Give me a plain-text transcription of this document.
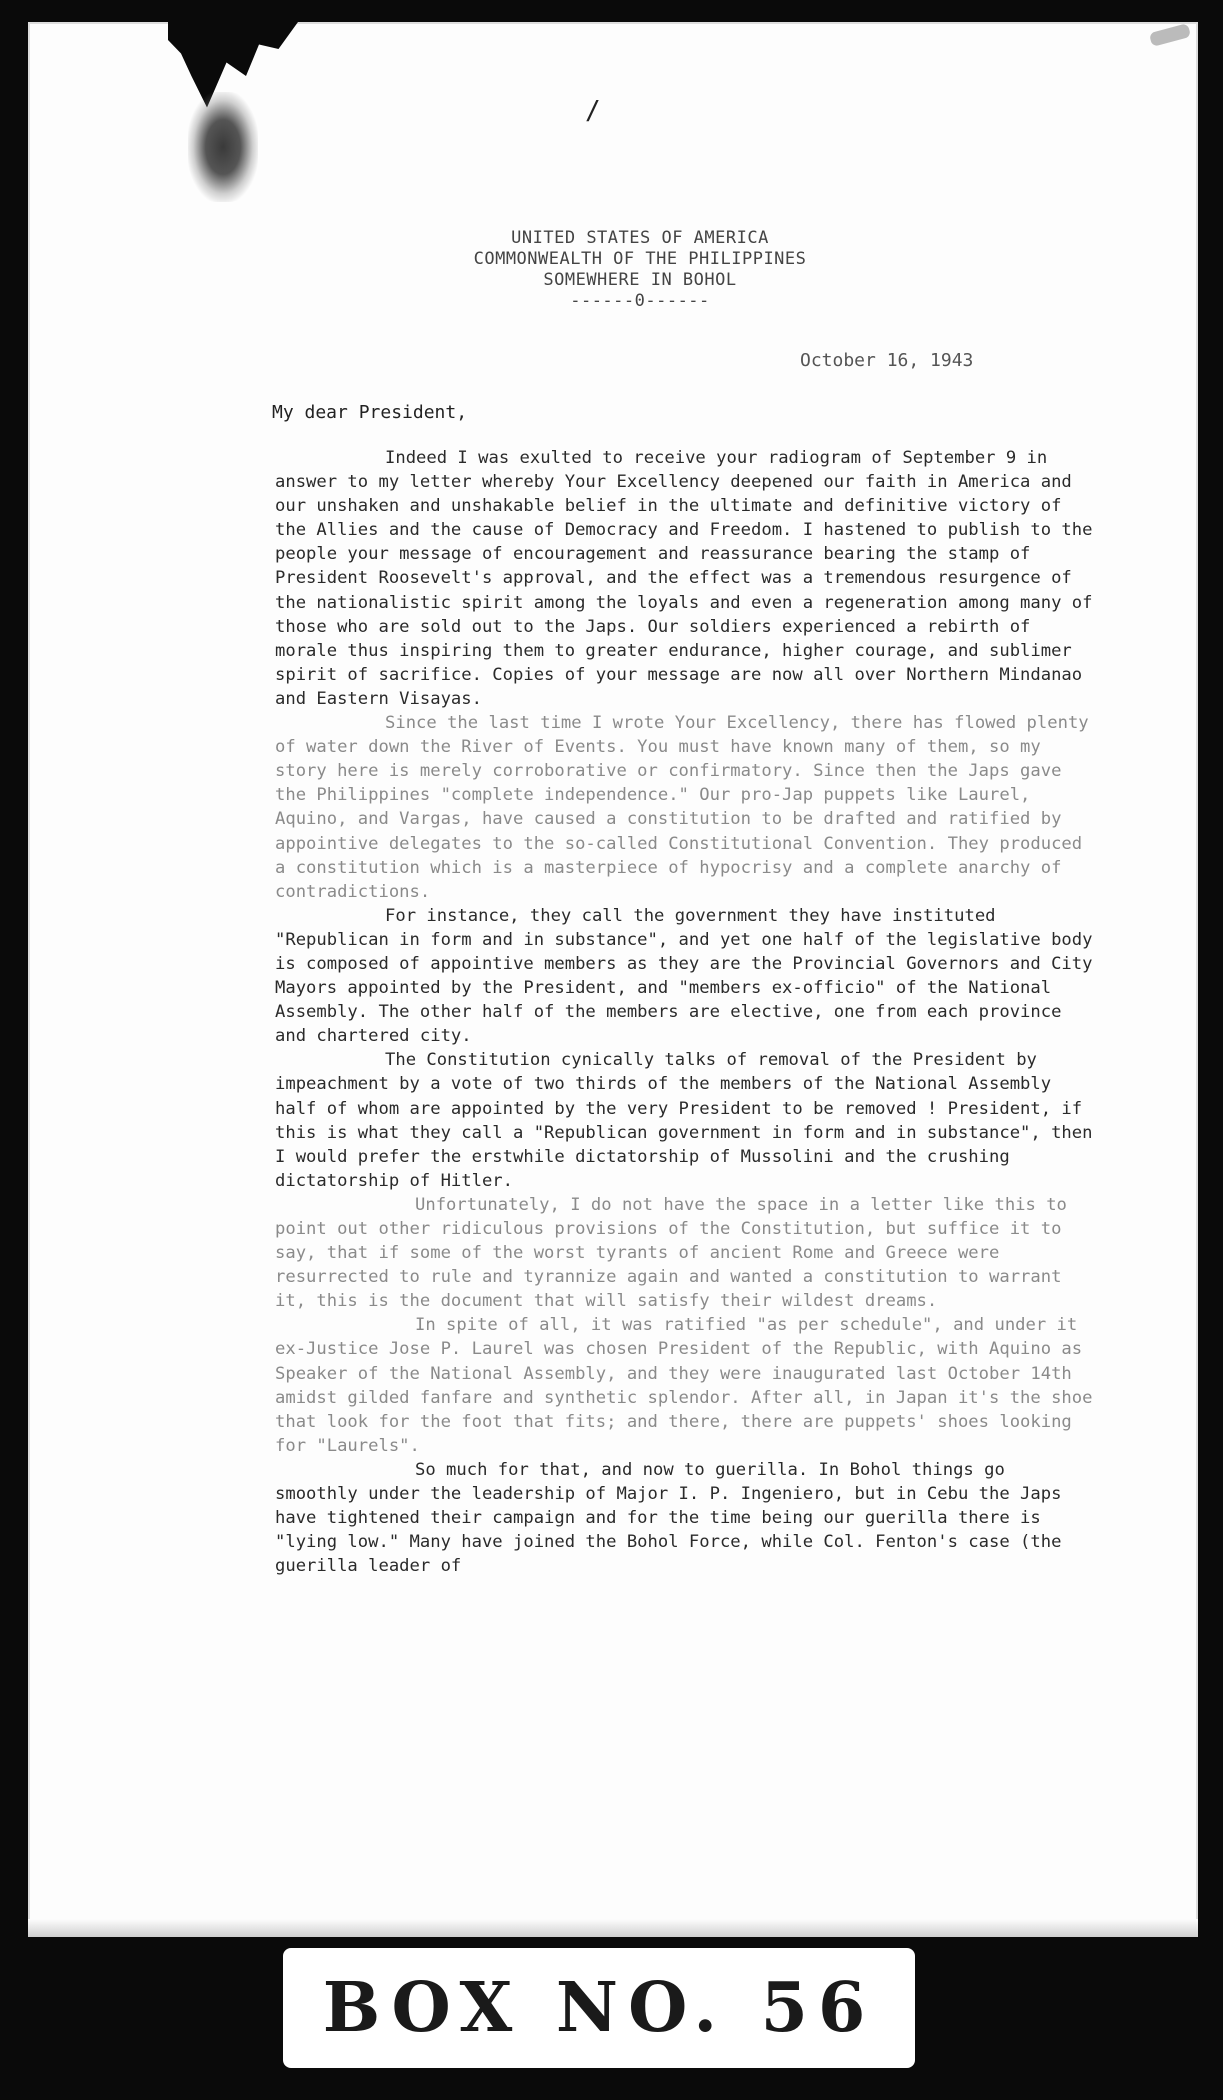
/
UNITED STATES OF AMERICA
COMMONWEALTH OF THE PHILIPPINES
SOMEWHERE IN BOHOL
------0------
October 16, 1943
My dear President,

Indeed I was exulted to receive your radiogram of September 9 in answer to my letter whereby Your Excellency deepened our faith in America and our unshaken and unshakable belief in the ultimate and definitive victory of the Allies and the cause of Democracy and Freedom. I hastened to publish to the people your message of encouragement and reassurance bearing the stamp of President Roosevelt's approval, and the effect was a tremendous resurgence of the nationalistic spirit among the loyals and even a regeneration among many of those who are sold out to the Japs. Our soldiers experienced a rebirth of morale thus inspiring them to greater endurance, higher courage, and sublimer spirit of sacrifice. Copies of your message are now all over Northern Mindanao and Eastern Visayas.

Since the last time I wrote Your Excellency, there has flowed plenty of water down the River of Events. You must have known many of them, so my story here is merely corroborative or confirmatory. Since then the Japs gave the Philippines "complete independence." Our pro-Jap puppets like Laurel, Aquino, and Vargas, have caused a constitution to be drafted and ratified by appointive delegates to the so-called Constitutional Convention. They produced a constitution which is a masterpiece of hypocrisy and a complete anarchy of contradictions.

For instance, they call the government they have instituted "Republican in form and in substance", and yet one half of the legislative body is composed of appointive members as they are the Provincial Governors and City Mayors appointed by the President, and "members ex-officio" of the National Assembly. The other half of the members are elective, one from each province and chartered city.

The Constitution cynically talks of removal of the President by impeachment by a vote of two thirds of the members of the National Assembly half of whom are appointed by the very President to be removed ! President, if this is what they call a "Republican government in form and in substance", then I would prefer the erstwhile dictatorship of Mussolini and the crushing dictatorship of Hitler.

Unfortunately, I do not have the space in a letter like this to point out other ridiculous provisions of the Constitution, but suffice it to say, that if some of the worst tyrants of ancient Rome and Greece were resurrected to rule and tyrannize again and wanted a constitution to warrant it, this is the document that will satisfy their wildest dreams.

In spite of all, it was ratified "as per schedule", and under it ex-Justice Jose P. Laurel was chosen President of the Republic, with Aquino as Speaker of the National Assembly, and they were inaugurated last October 14th amidst gilded fanfare and synthetic splendor. After all, in Japan it's the shoe that look for the foot that fits; and there, there are puppets' shoes looking for "Laurels".

So much for that, and now to guerilla. In Bohol things go smoothly under the leadership of Major I. P. Ingeniero, but in Cebu the Japs have tightened their campaign and for the time being our guerilla there is "lying low." Many have joined the Bohol Force, while Col. Fenton's case (the guerilla leader of

BOX NO. 56
